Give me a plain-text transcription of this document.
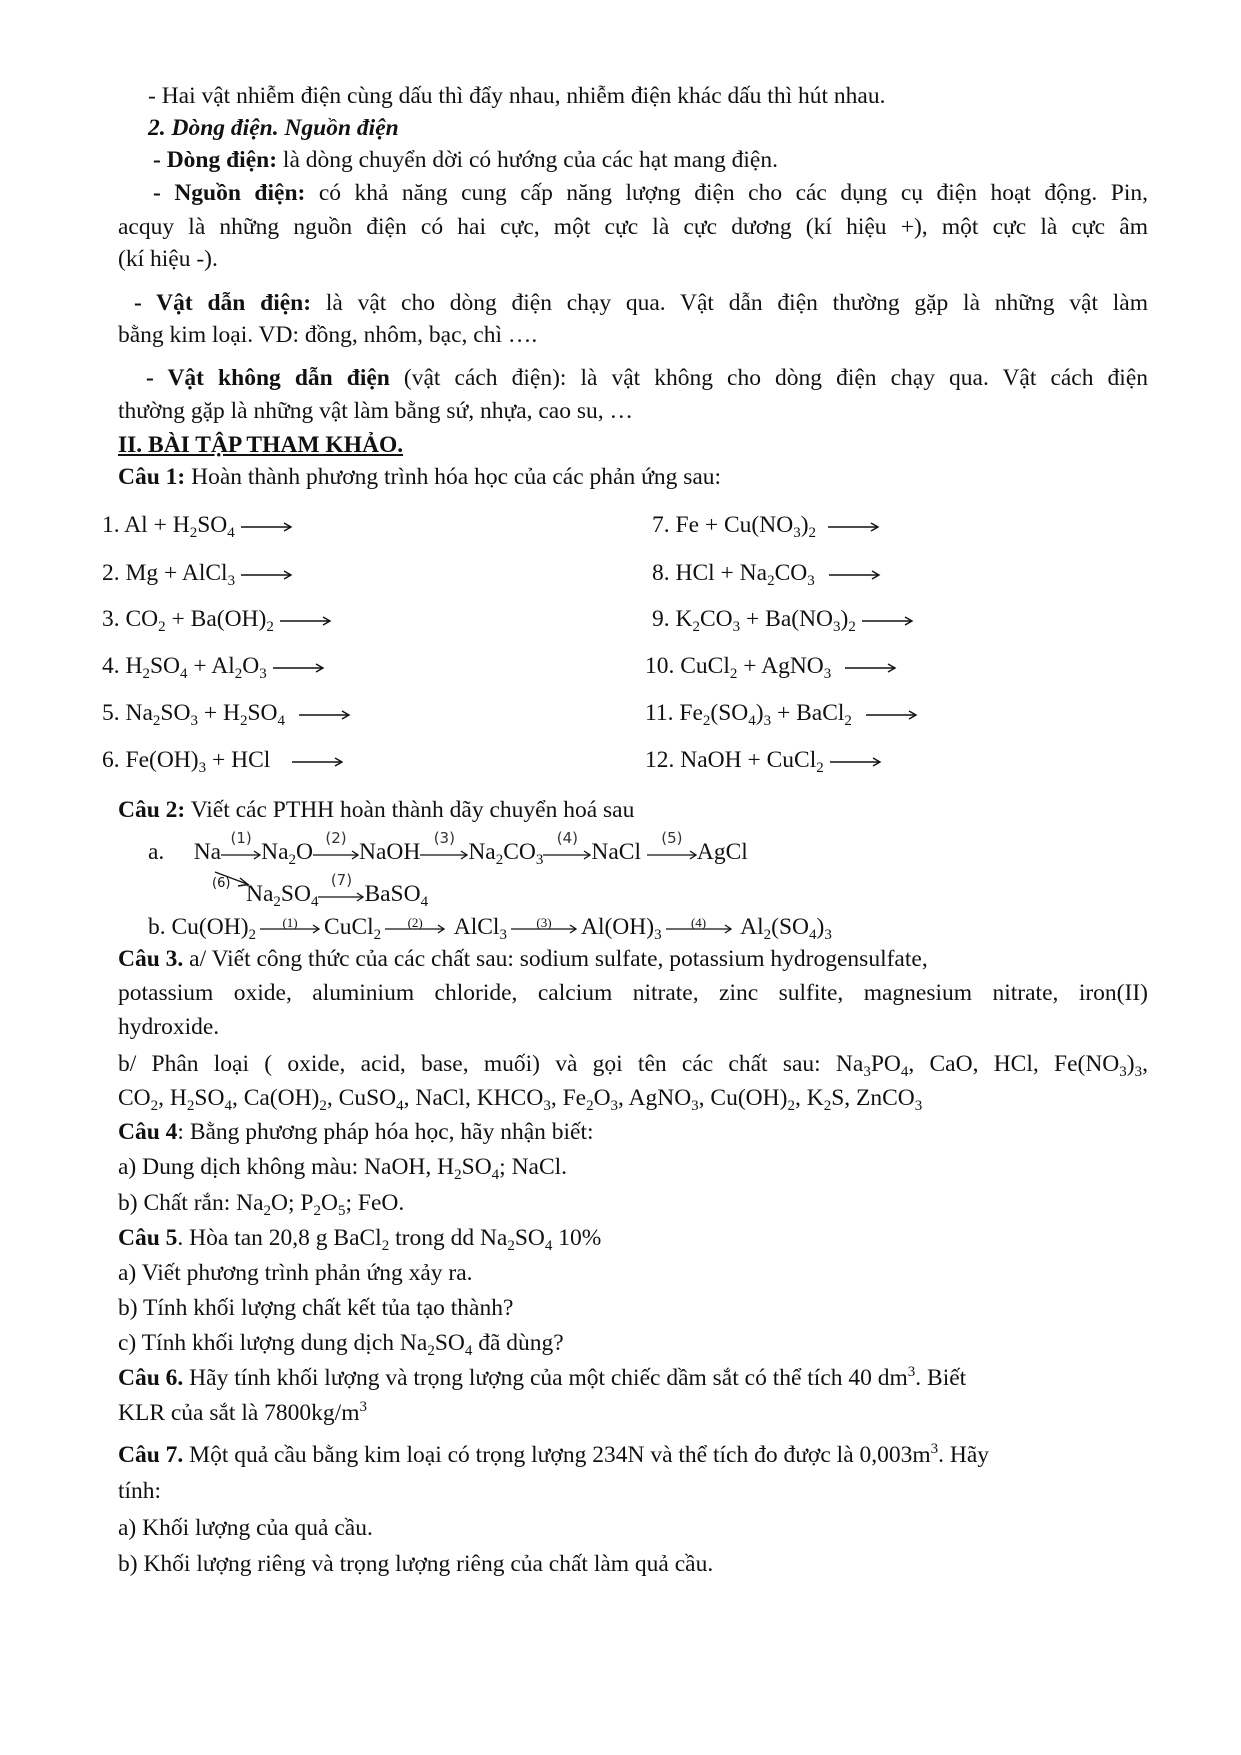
- Hai vật nhiễm điện cùng dấu thì đẩy nhau, nhiễm điện khác dấu thì hút nhau.
2. Dòng điện. Nguồn điện
- Dòng điện: là dòng chuyển dời có hướng của các hạt mang điện.
- Nguồn điện: có khả năng cung cấp năng lượng điện cho các dụng cụ điện hoạt động. Pin,
acquy là những nguồn điện có hai cực, một cực là cực dương (kí hiệu +), một cực là cực âm
(kí hiệu -).
- Vật dẫn điện: là vật cho dòng điện chạy qua. Vật dẫn điện thường gặp là những vật làm
bằng kim loại. VD: đồng, nhôm, bạc, chì ….
- Vật không dẫn điện (vật cách điện): là vật không cho dòng điện chạy qua. Vật cách điện
thường gặp là những vật làm bằng sứ, nhựa, cao su, …
II. BÀI TẬP THAM KHẢO.
Câu 1: Hoàn thành phương trình hóa học của các phản ứng sau:
1. $Al + H_2SO_4$
2. Mg + AlCl$_3$
3. $CO_2 + Ba(OH)_2$
4. $H_2SO_4 + Al_2O_3$
5. $Na_2SO_3 + H_2SO_4$
6. $Fe(OH)_3$ + HCl
7. $Fe + Cu(NO_3)_2$
8. HCl + $Na_2CO_3$
9. $K_2CO_3 + Ba(NO_3)_2$
10. CuCl$_2$ + AgNO$_3$
11. $Fe_2(SO_4)_3$ + BaCl$_2$
12. NaOH + CuCl$_2$
Câu 2: Viết các PTHH hoàn thành dãy chuyển hoá sau
a.     Na
(1)
$Na_2O$
(2)
NaOH
(3)
$Na_2CO_3$
(4)
NaCl
(5)
AgCl
(6) $Na_2SO_4$
(7)
BaSO$_4$
b. $Cu(OH)_2$
(1)	CuCl$_2$
(2)	AlCl$_3$
(3)	$Al(OH)_3$
(4)	$Al_2(SO_4)_3$
Câu 3. a/ Viết công thức của các chất sau: sodium sulfate, potassium hydrogensulfate,
potassium oxide, aluminium chloride, calcium nitrate, zinc sulfite, magnesium nitrate, iron(II)
hydroxide.
b/ Phân loại ( oxide, acid, base, muối) và gọi tên các chất sau: $Na_3PO_4$, CaO, HCl, $Fe(NO_3)_3$,
$CO_2$, $H_2SO_4$, $Ca(OH)_2$, CuSO$_4$, NaCl, $KHCO_3$, $Fe_2O_3$, AgNO$_3$, $Cu(OH)_2$, $K_2S$, ZnCO$_3$
Câu 4: Bằng phương pháp hóa học, hãy nhận biết:
a) Dung dịch không màu: NaOH, $H_2SO_4$; NaCl.
b) Chất rắn: $Na_2O$; $P_2O_5$; FeO.
Câu 5. Hòa tan 20,8 g BaCl$_2$ trong dd $Na_2SO_4$ 10%
a) Viết phương trình phản ứng xảy ra.
b) Tính khối lượng chất kết tủa tạo thành?
c) Tính khối lượng dung dịch $Na_2SO_4$ đã dùng?
Câu 6. Hãy tính khối lượng và trọng lượng của một chiếc dầm sắt có thể tích 40 $dm^3$. Biết
KLR của sắt là $7800kg/m^3$
Câu 7. Một quả cầu bằng kim loại có trọng lượng 234N và thể tích đo được là $0,003m^3$. Hãy
tính:
a) Khối lượng của quả cầu.
b) Khối lượng riêng và trọng lượng riêng của chất làm quả cầu.
